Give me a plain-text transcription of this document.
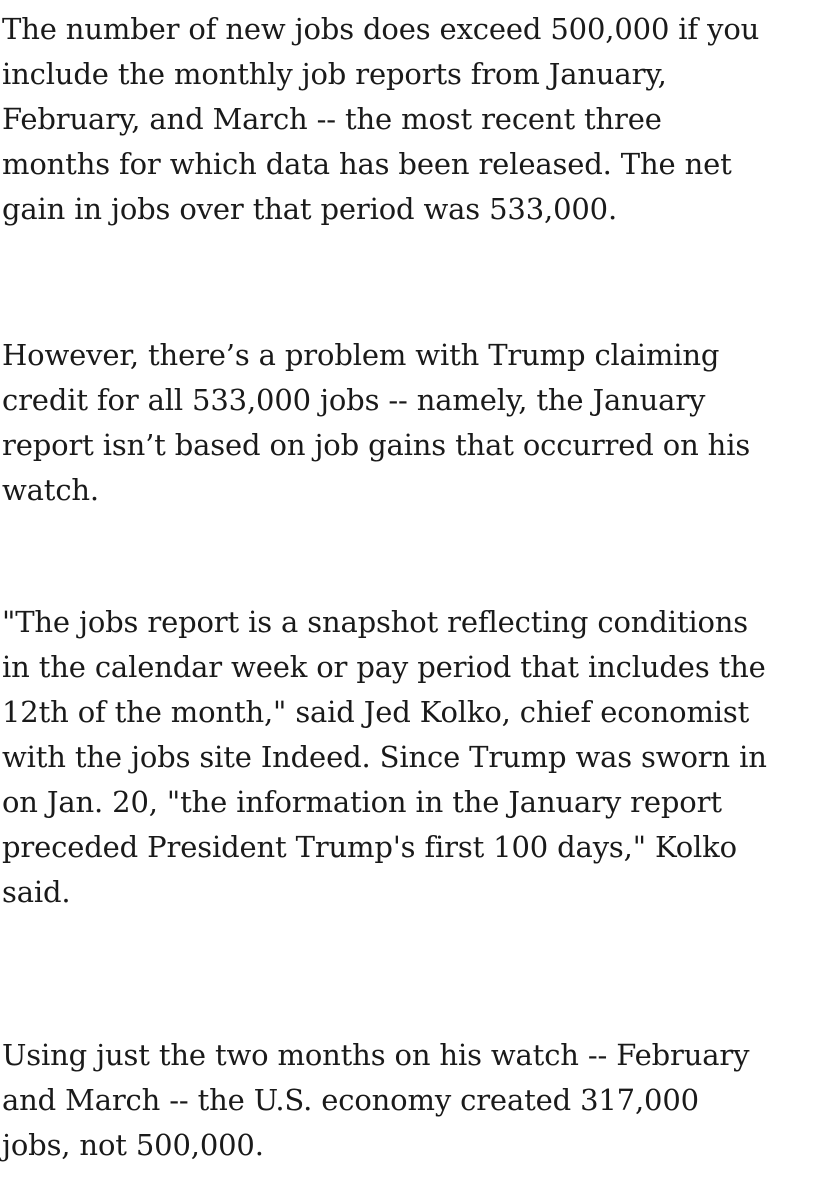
The number of new jobs does exceed 500,000 if you
include the monthly job reports from January,
February, and March -- the most recent three
months for which data has been released. The net
gain in jobs over that period was 533,000.

However, there’s a problem with Trump claiming
credit for all 533,000 jobs -- namely, the January
report isn’t based on job gains that occurred on his
watch.

"The jobs report is a snapshot reflecting conditions
in the calendar week or pay period that includes the
12th of the month," said Jed Kolko, chief economist
with the jobs site Indeed. Since Trump was sworn in
on Jan. 20, "the information in the January report
preceded President Trump's first 100 days," Kolko
said.

Using just the two months on his watch -- February
and March -- the U.S. economy created 317,000
jobs, not 500,000.
